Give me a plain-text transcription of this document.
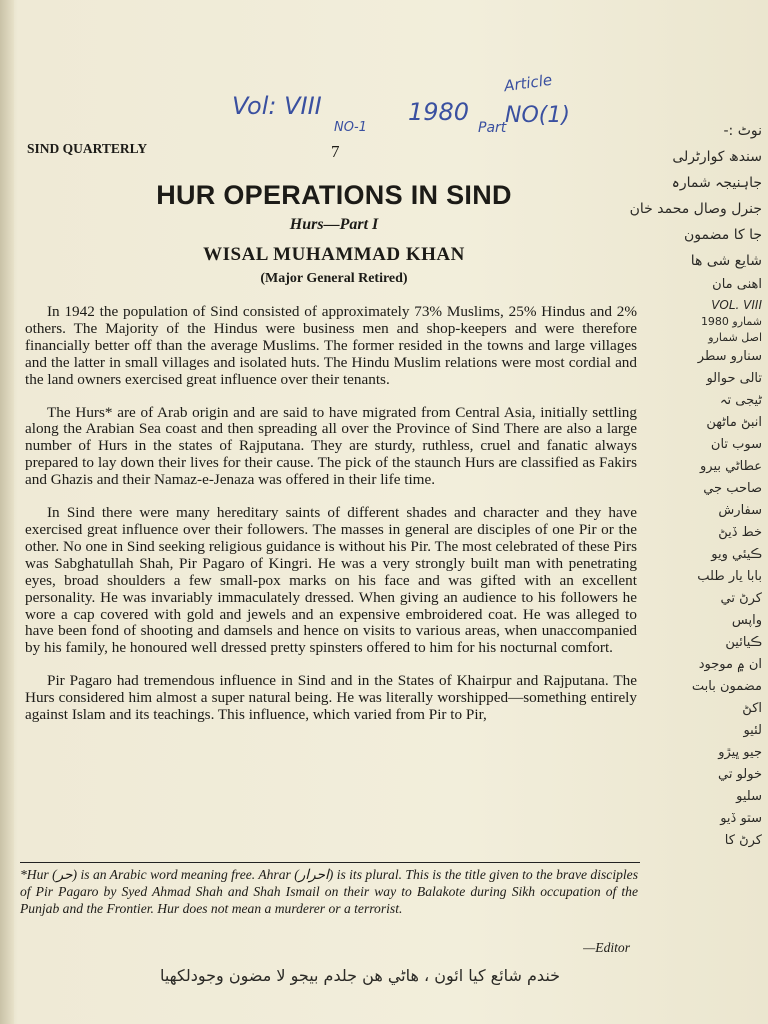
Vol: VIII
NO-1
1980 NO(1)
Article
Part
SIND QUARTERLY	7
HUR OPERATIONS IN SIND
Hurs—Part I
WISAL MUHAMMAD KHAN
(Major General Retired)

In 1942 the population of Sind consisted of approximately 73% Muslims, 25% Hindus and 2% others. The Majority of the Hindus were business men and shop-keepers and were therefore financially better off than the average Muslims. The former resided in the towns and large villages and the latter in small villages and isolated huts. The Hindu Muslim relations were most cordial and the land owners exercised great influence over their tenants.

The Hurs* are of Arab origin and are said to have migrated from Central Asia, initially settling along the Arabian Sea coast and then spreading all over the Province of Sind There are also a large number of Hurs in the states of Rajputana. They are sturdy, ruthless, cruel and fanatic always prepared to lay down their lives for their cause. The pick of the staunch Hurs are classified as Fakirs and Ghazis and their Namaz-e-Jenaza was offered in their life time.

In Sind there were many hereditary saints of different shades and character and they have exercised great influence over their followers. The masses in general are disciples of one Pir or the other. No one in Sind seeking religious guidance is without his Pir. The most celebrated of these Pirs was Sabghatullah Shah, Pir Pagaro of Kingri. He was a very strongly built man with penetrating eyes, broad shoulders a few small-pox marks on his face and was gifted with an excellent personality. He was invariably immaculately dressed. When giving an audience to his followers he wore a cap covered with gold and jewels and an expensive embroidered coat. He was alleged to have been fond of shooting and damsels and hence on visits to various areas, when unaccompanied by his family, he honoured well dressed pretty spinsters offered to him for his nocturnal comfort.

Pir Pagaro had tremendous influence in Sind and in the States of Khairpur and Rajputana. The Hurs considered him almost a super natural being. He was literally worshipped—something entirely against Islam and its teachings. This influence, which varied from Pir to Pir,

*Hur (حر) is an Arabic word meaning free. Ahrar (احرار) is its plural. This is the title given to the brave disciples of Pir Pagaro by Syed Ahmad Shah and Shah Ismail on their way to Balakote during Sikh occupation of the Punjab and the Frontier. Hur does not mean a murderer or a terrorist.
—Editor
نوٹ :-
سندھ کوارٹرلی
جاہنیجہ شمارہ
جنرل وصال محمد خان
جا کا مضمون
شایع شی ھا
اھنی مان
VOL. VIII
شمارو 1980
اصل شمارو
سنارو سطر
تالی حوالو
ٹیجی تہ
انبڻ ماٹھن
سوب تان
عطاڻي بيرو
صاحب جي
سفارش
خط ڏيڻ
ڪيئي ويو
بابا یار طلب
کرڻ تي
واپس
ڪيائين
ان ۾ موجود
مضمون بابت
اکڻ
لئيو
جيو ڀيڙو
خولو تي
سليو
ستو ڏيو
کرڻ کا
خندم شائع کیا ائون ، ھاڻي ھن جلدم بیجو لا مضون وجودلکھیا
